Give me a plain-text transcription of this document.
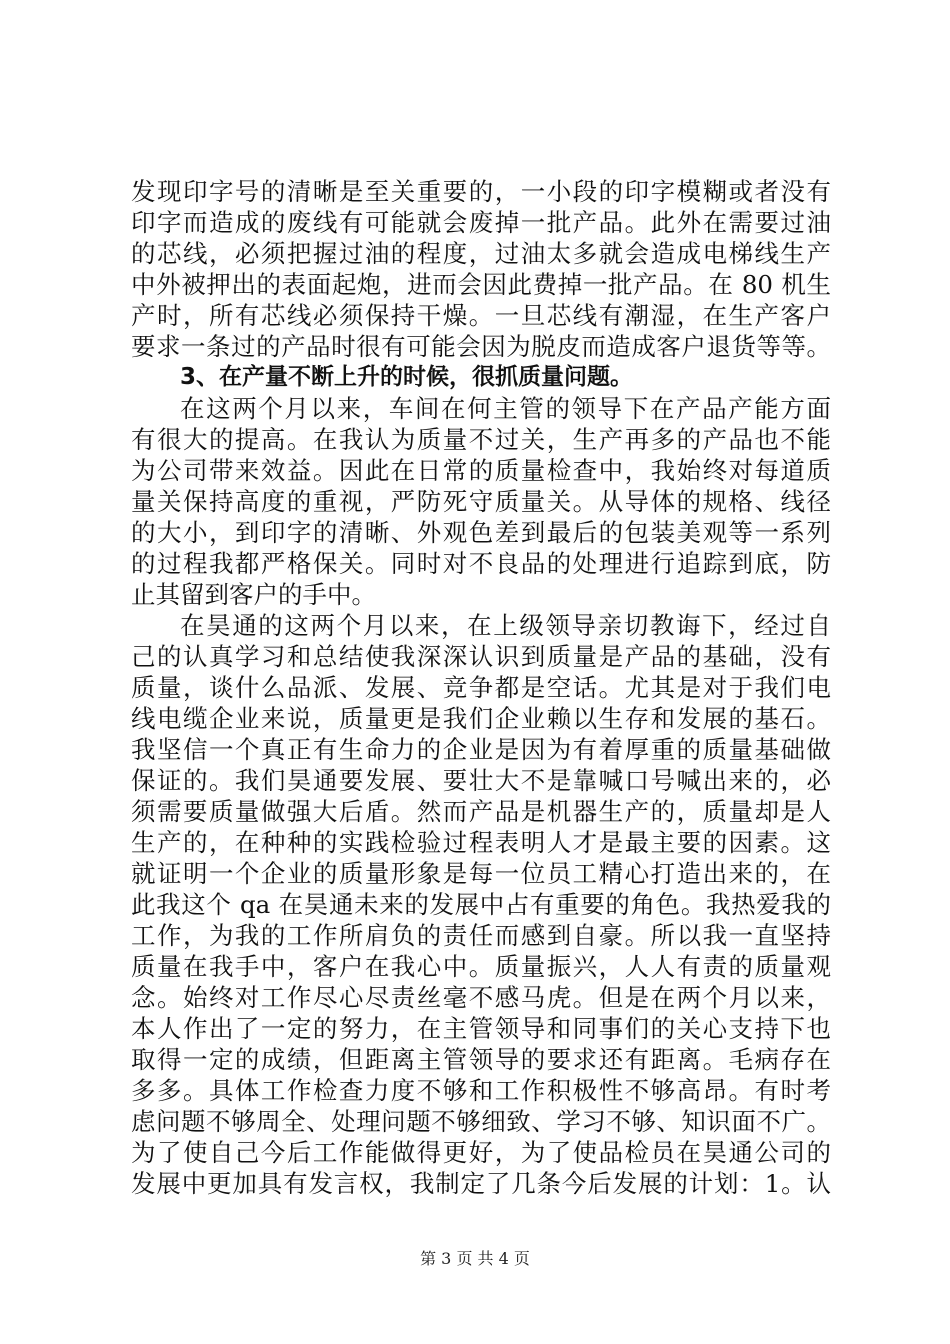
发现印字号的清晰是至关重要的，一小段的印字模糊或者没有
印字而造成的废线有可能就会废掉一批产品。此外在需要过油
的芯线，必须把握过油的程度，过油太多就会造成电梯线生产
中外被押出的表面起炮，进而会因此费掉一批产品。在 80 机生
产时，所有芯线必须保持干燥。一旦芯线有潮湿，在生产客户
要求一条过的产品时很有可能会因为脱皮而造成客户退货等等。
3、在产量不断上升的时候，很抓质量问题。
在这两个月以来，车间在何主管的领导下在产品产能方面
有很大的提高。在我认为质量不过关，生产再多的产品也不能
为公司带来效益。因此在日常的质量检查中，我始终对每道质
量关保持高度的重视，严防死守质量关。从导体的规格、线径
的大小，到印字的清晰、外观色差到最后的包装美观等一系列
的过程我都严格保关。同时对不良品的处理进行追踪到底，防
止其留到客户的手中。
在昊通的这两个月以来，在上级领导亲切教诲下，经过自
己的认真学习和总结使我深深认识到质量是产品的基础，没有
质量，谈什么品派、发展、竞争都是空话。尤其是对于我们电
线电缆企业来说，质量更是我们企业赖以生存和发展的基石。
我坚信一个真正有生命力的企业是因为有着厚重的质量基础做
保证的。我们昊通要发展、要壮大不是靠喊口号喊出来的，必
须需要质量做强大后盾。然而产品是机器生产的，质量却是人
生产的，在种种的实践检验过程表明人才是最主要的因素。这
就证明一个企业的质量形象是每一位员工精心打造出来的，在
此我这个 qa 在昊通未来的发展中占有重要的角色。我热爱我的
工作，为我的工作所肩负的责任而感到自豪。所以我一直坚持
质量在我手中，客户在我心中。质量振兴，人人有责的质量观
念。始终对工作尽心尽责丝毫不感马虎。但是在两个月以来，
本人作出了一定的努力，在主管领导和同事们的关心支持下也
取得一定的成绩，但距离主管领导的要求还有距离。毛病存在
多多。具体工作检查力度不够和工作积极性不够高昂。有时考
虑问题不够周全、处理问题不够细致、学习不够、知识面不广。
为了使自己今后工作能做得更好，为了使品检员在昊通公司的
发展中更加具有发言权，我制定了几条今后发展的计划：1。认
第 3 页 共 4 页
